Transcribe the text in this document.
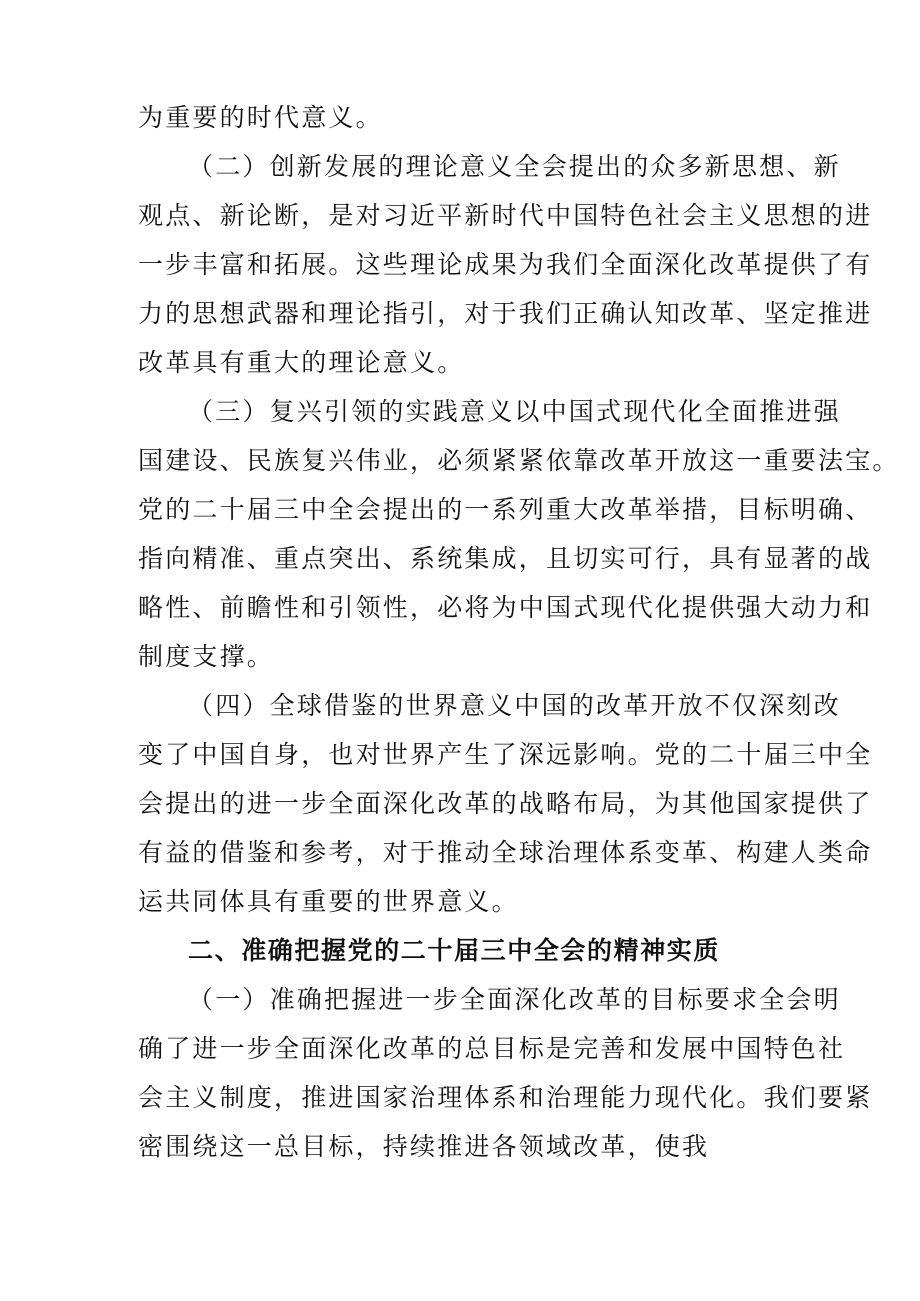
为重要的时代意义。
（二）创新发展的理论意义全会提出的众多新思想、新
观点、新论断，是对习近平新时代中国特色社会主义思想的进
一步丰富和拓展。这些理论成果为我们全面深化改革提供了有
力的思想武器和理论指引，对于我们正确认知改革、坚定推进
改革具有重大的理论意义。
（三）复兴引领的实践意义以中国式现代化全面推进强
国建设、民族复兴伟业，必须紧紧依靠改革开放这一重要法宝。
党的二十届三中全会提出的一系列重大改革举措，目标明确、
指向精准、重点突出、系统集成，且切实可行，具有显著的战
略性、前瞻性和引领性，必将为中国式现代化提供强大动力和
制度支撑。
（四）全球借鉴的世界意义中国的改革开放不仅深刻改
变了中国自身，也对世界产生了深远影响。党的二十届三中全
会提出的进一步全面深化改革的战略布局，为其他国家提供了
有益的借鉴和参考，对于推动全球治理体系变革、构建人类命
运共同体具有重要的世界意义。
二、准确把握党的二十届三中全会的精神实质
（一）准确把握进一步全面深化改革的目标要求全会明
确了进一步全面深化改革的总目标是完善和发展中国特色社
会主义制度，推进国家治理体系和治理能力现代化。我们要紧
密围绕这一总目标，持续推进各领域改革，使我
